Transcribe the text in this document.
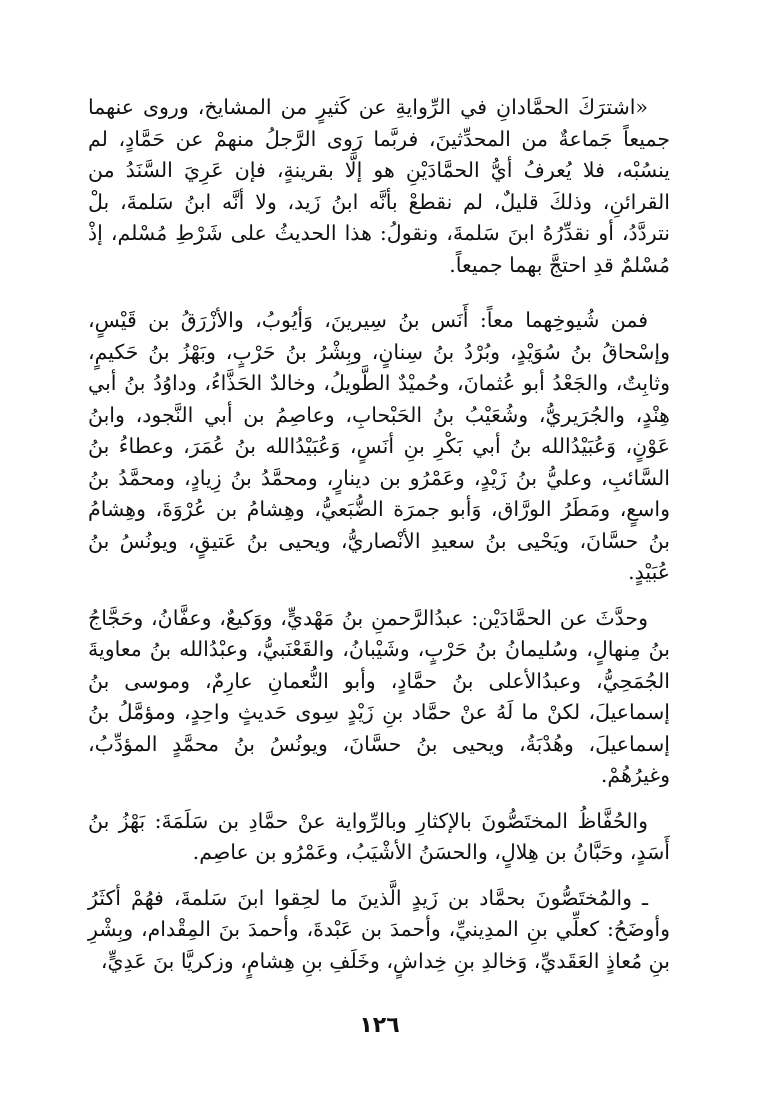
«اشترَكَ الحمَّادانِ في الرِّوايةِ عن كَثيرٍ من المشايخ، وروى عنهما جميعاً جَماعةٌ من المحدِّثينَ، فربَّما رَوى الرَّجلُ منهمْ عن حَمَّادٍ، لم ينسُبْه، فلا يُعرفُ أيُّ الحمَّادَيْنِ هو إلَّا بقرينةٍ، فإن عَرِيَ السَّنَدُ من القرائنِ، وذلكَ قليلٌ، لم نقطعْ بأنَّه ابنُ زَيد، ولا أنَّه ابنُ سَلمةَ، بلْ نتردَّدُ، أو نقدِّرُهُ ابنَ سَلمةَ، ونقولُ: هذا الحديثُ على شَرْطِ مُسْلم، إذْ مُسْلمٌ قدِ احتجَّ بهما جميعاً.

فمن شُيوخِهما معاً: أَنَس بنُ سِيرينَ، وَأيُوبُ، والأزْرَقُ بن قَيْسٍ، وإسْحاقُ بنُ سُوَيْدٍ، وبُرْدُ بنُ سِنانٍ، وبِشْرُ بنُ حَرْبٍ، وبَهْزُ بنُ حَكيمٍ، وثابِتٌ، والجَعْدُ أبو عُثمانَ، وحُميْدٌ الطَّويلُ، وخالدٌ الحَذَّاءُ، وداوُدُ بنُ أبي هِنْدٍ، والجُرَيريُّ، وشُعَيْبُ بنُ الحَبْحابِ، وعاصِمُ بن أبي النَّجود، وابنُ عَوْنٍ، وَعُبَيْدُالله بنُ أبي بَكْرِ بنِ أنَسٍ، وَعُبَيْدُالله بنُ عُمَرَ، وعطاءُ بنُ السَّائبِ، وعليُّ بنُ زَيْدٍ، وعَمْرُو بن دينارٍ، ومحمَّدُ بنُ زِيادٍ، ومحمَّدُ بنُ واسعٍ، ومَطَرُ الورَّاق، وَأبو جمرَة الضُّبَعيُّ، وهِشامُ بن عُرْوَةَ، وهِشامُ بنُ حسَّانَ، ويَحْيى بنُ سعيدِ الأنْصاريُّ، ويحيى بنُ عَتيقٍ، ويونُسُ بنُ عُبَيْدٍ.

وحدَّثَ عن الحمَّادَيْن: عبدُالرَّحمنِ بنُ مَهْديٍّ، ووَكيعٌ، وعفَّانُ، وحَجَّاجُ بنُ مِنهالٍ، وسُليمانُ بنُ حَرْبٍ، وشَيْبانُ، والقَعْنَبيُّ، وعبْدُالله بنُ معاويةَ الجُمَحِيُّ، وعبدُالأعلى بنُ حمَّادٍ، وأبو النُّعمانِ عارِمٌ، وموسى بنُ إسماعيلَ، لكنْ ما لَهُ عنْ حمَّاد بنِ زَيْدٍ سِوى حَديثٍ واحِدٍ، ومؤمَّلُ بنُ إسماعيلَ، وهُدْبَةُ، ويحيى بنُ حسَّانَ، ويونُسُ بنُ محمَّدٍ المؤدِّبُ، وغيرُهُمْ.

والحُفَّاظُ المختَصُّونَ بالإكثارِ وبالرِّواية عنْ حمَّادِ بن سَلَمَةَ: بَهْزُ بنُ أَسَدٍ، وحَبَّانُ بن هِلالٍ، والحسَنُ الأشْيَبُ، وعَمْرُو بن عاصِم.

ـ والمُختَصُّونَ بحمَّاد بن زَيدٍ الَّذينَ ما لحِقوا ابنَ سَلمةَ، فهُمْ أكثَرُ وأوضَحُ: كعلِّي بنِ المدِينيِّ، وأحمدَ بن عَبْدةَ، وأحمدَ بنَ المِقْدام، وبِشْرِ بنِ مُعاذٍ العَقَديِّ، وَخالدِ بنِ خِداشٍ، وخَلَفِ بنِ هِشامٍ، وزكريَّا بنَ عَدِيٍّ،

١٢٦
